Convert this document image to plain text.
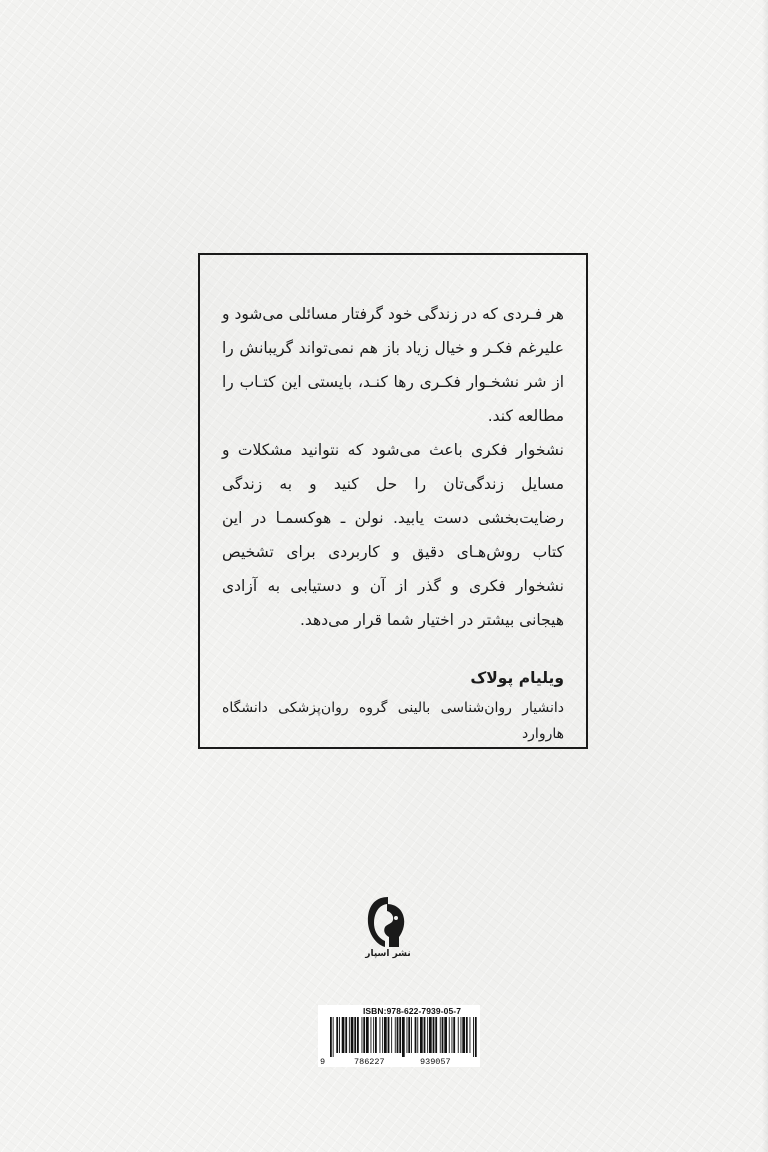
هر فـردی که در زندگی خود گرفتار مسائلی می‌شود و علیرغم فکـر و خیال زیاد باز هم نمی‌تواند گریبانش را از شر نشخـوار فکـری رها کنـد، بایستی این کتـاب را مطالعه کند.

نشخوار فکری باعث می‌شود که نتوانید مشکلات و مسایل زندگی‌تان را حل کنید و به زندگی رضایت‌بخشی دست یابید. نولن ـ هوکسمـا در این کتاب روش‌هـای دقیق و کاربردی برای تشخیص نشخوار فکری و گذر از آن و دستیابی به آزادی هیجانی بیشتر در اختیار شما قرار می‌دهد.

ویلیام پولاک
دانشیار روان‌شناسی بالینی گروه روان‌پزشکی دانشگاه هاروارد
نشر اسپار
ISBN:978-622-7939-05-7
9	786227	939057
